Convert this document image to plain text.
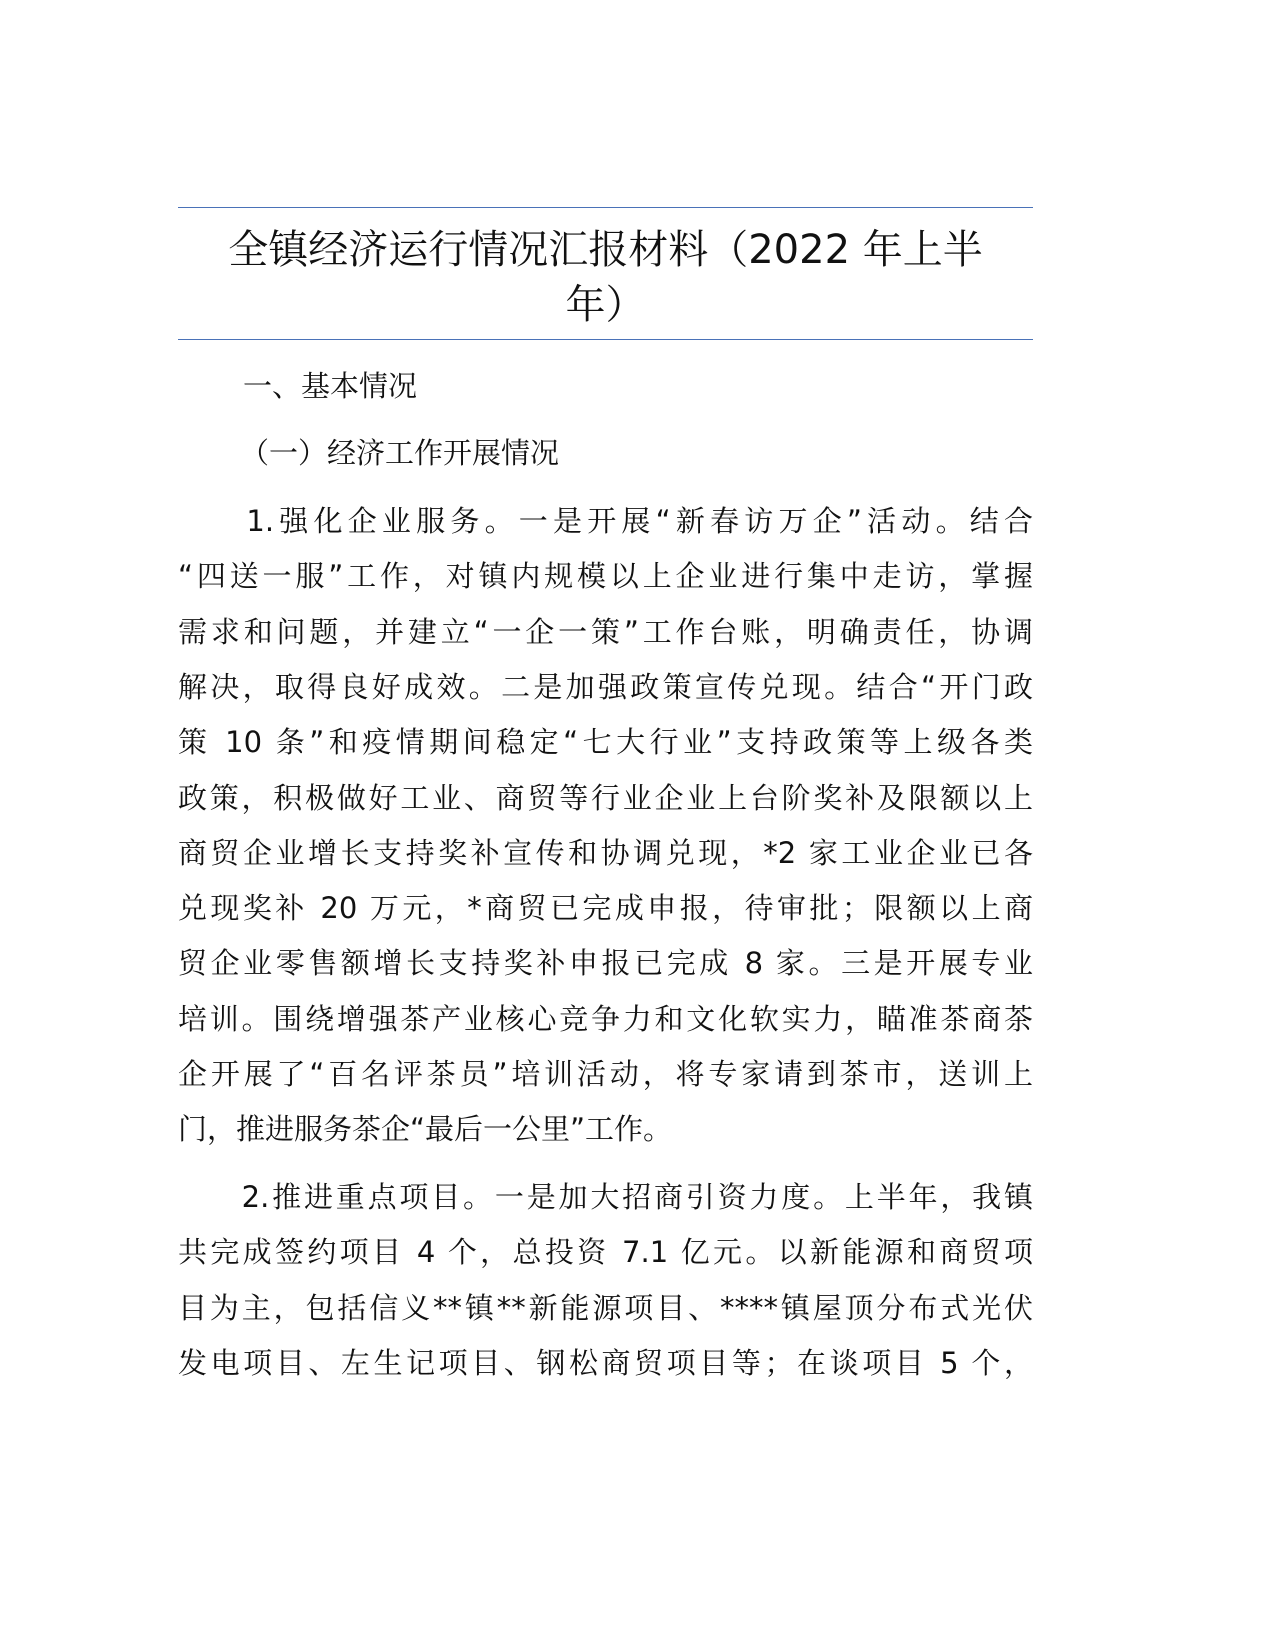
全镇经济运行情况汇报材料（2022 年上半
年）
一、基本情况
（一）经济工作开展情况
　　1.强化企业服务。一是开展“新春访万企”活动。结合
“四送一服”工作，对镇内规模以上企业进行集中走访，掌握
需求和问题，并建立“一企一策”工作台账，明确责任，协调
解决，取得良好成效。二是加强政策宣传兑现。结合“开门政
策 10 条”和疫情期间稳定“七大行业”支持政策等上级各类
政策，积极做好工业、商贸等行业企业上台阶奖补及限额以上
商贸企业增长支持奖补宣传和协调兑现，*2 家工业企业已各
兑现奖补 20 万元，*商贸已完成申报，待审批；限额以上商
贸企业零售额增长支持奖补申报已完成 8 家。三是开展专业
培训。围绕增强茶产业核心竞争力和文化软实力，瞄准茶商茶
企开展了“百名评茶员”培训活动，将专家请到茶市，送训上
门，推进服务茶企“最后一公里”工作。
　　2.推进重点项目。一是加大招商引资力度。上半年，我镇
共完成签约项目 4 个，总投资 7.1 亿元。以新能源和商贸项
目为主，包括信义**镇**新能源项目、****镇屋顶分布式光伏
发电项目、左生记项目、钢松商贸项目等；在谈项目 5 个，
